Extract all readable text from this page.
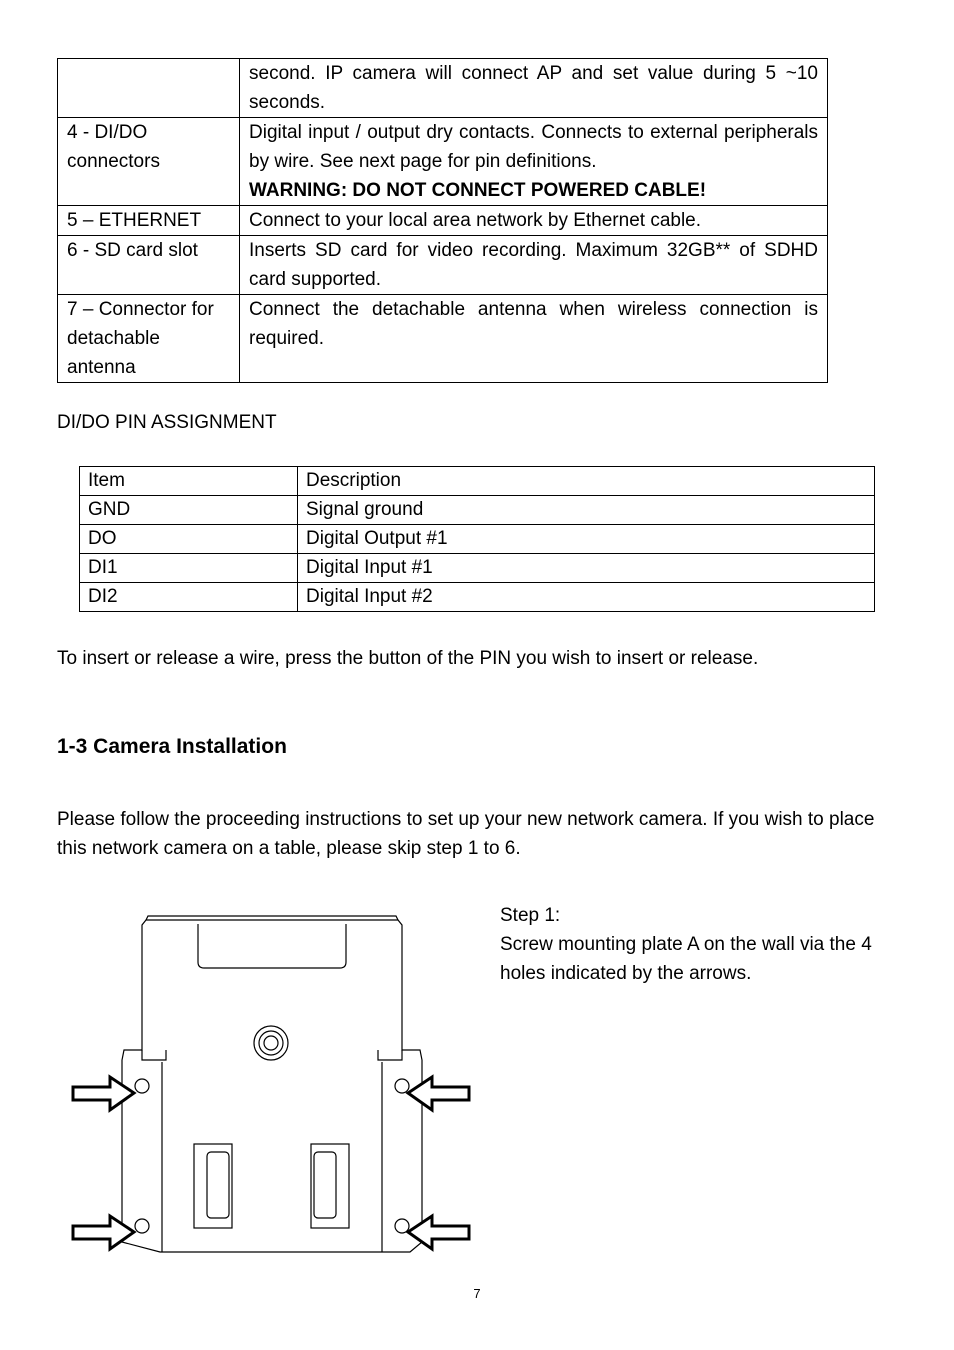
	second. IP camera will connect AP and set value during 5 ~10 seconds.
4 - DI/DO connectors	Digital input / output dry contacts. Connects to external peripherals by wire. See next page for pin definitions.
WARNING: DO NOT CONNECT POWERED CABLE!

5 – ETHERNET	Connect to your local area network by Ethernet cable.
6 - SD card slot	Inserts SD card for video recording. Maximum 32GB** of SDHD card supported.
7 – Connector for detachable antenna	Connect the detachable antenna when wireless connection is required.

DI/DO PIN ASSIGNMENT

Item	Description
GND	Signal ground
DO	Digital Output #1
DI1	Digital Input #1
DI2	Digital Input #2

To insert or release a wire, press the button of the PIN you wish to insert or release.

1-3 Camera Installation

Please follow the proceeding instructions to set up your new network camera. If you wish to place this network camera on a table, please skip step 1 to 6.

Step 1:
Screw mounting plate A on the wall via the 4 holes indicated by the arrows.
7
